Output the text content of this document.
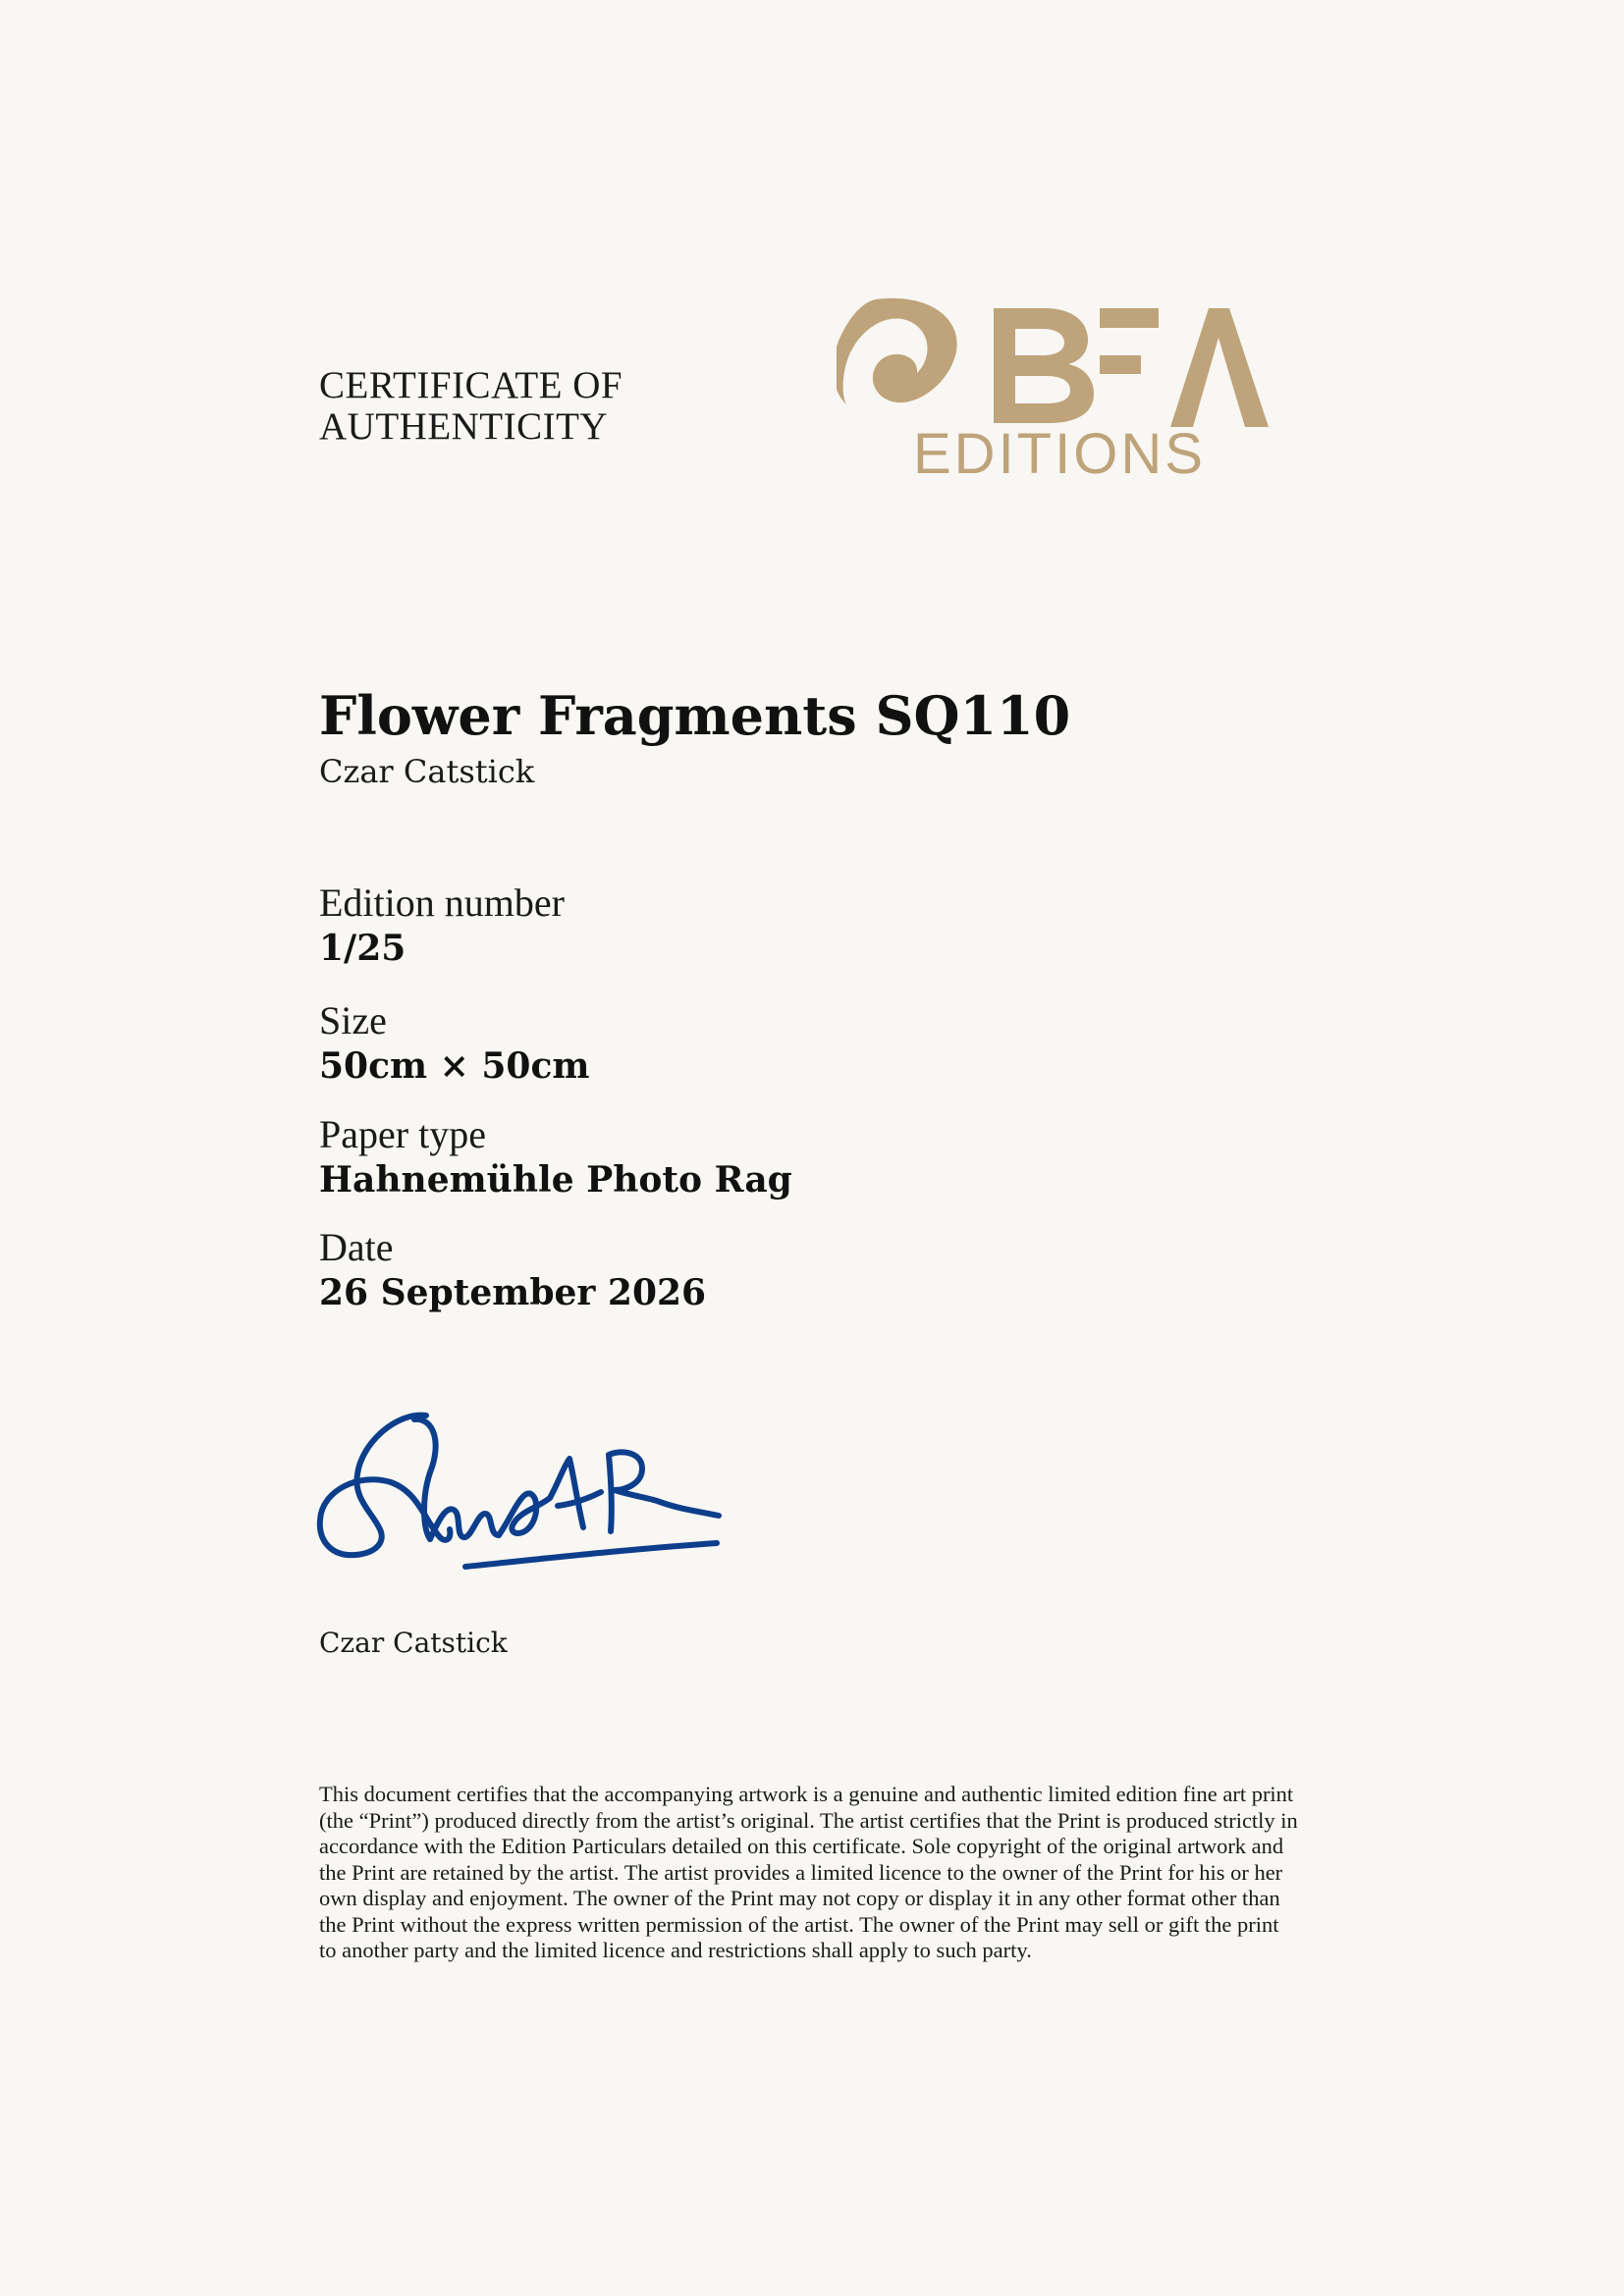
CERTIFICATE OF
AUTHENTICITY	EDITIONS
Flower Fragments SQ110
Czar Catstick
Edition number
1/25
Size
50cm × 50cm
Paper type
Hahnemühle Photo Rag
Date
26 September 2026
Czar Catstick
This document certifies that the accompanying artwork is a genuine and authentic limited edition fine art print (the “Print”) produced directly from the artist’s original. The artist certifies that the Print is produced strictly in accordance with the Edition Particulars detailed on this certificate. Sole copyright of the original artwork and the Print are retained by the artist. The artist provides a limited licence to the owner of the Print for his or her own display and enjoyment. The owner of the Print may not copy or display it in any other format other than the Print without the express written permission of the artist. The owner of the Print may sell or gift the print to another party and the limited licence and restrictions shall apply to such party.
